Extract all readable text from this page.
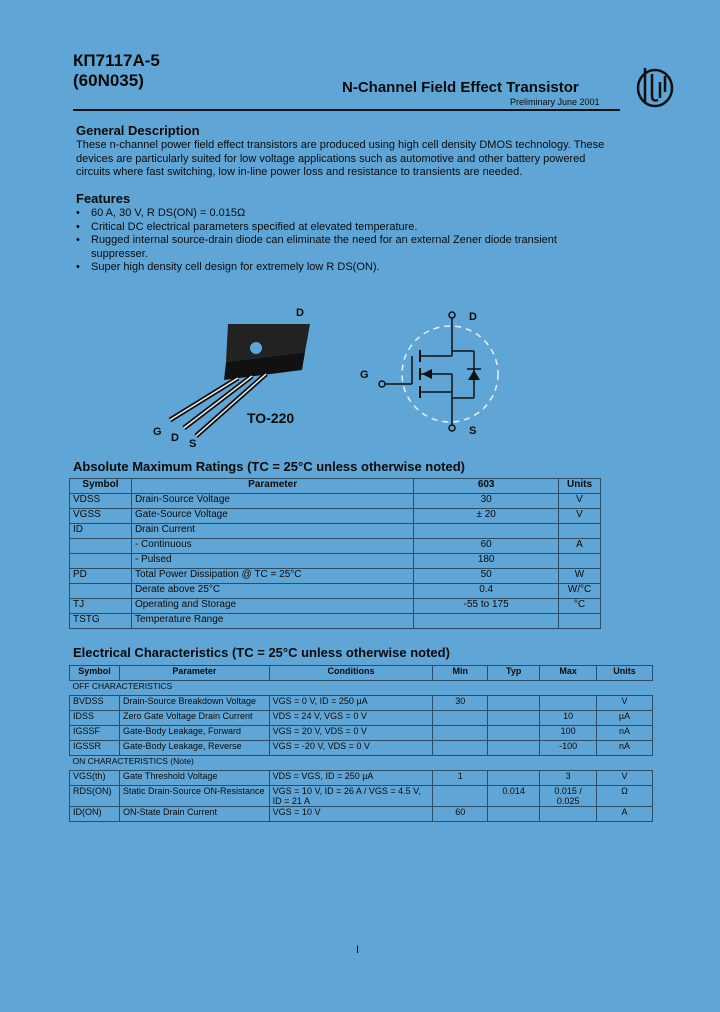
КП7117А-5
(60N035)	N-Channel Field Effect Transistor
Preliminary June 2001
General Description
These n-channel power field effect transistors are produced using high cell density DMOS technology. These devices are particularly suited for low voltage applications such as automotive and other battery powered circuits where fast switching, low in-line power loss and resistance to transients are needed.
Features
• 60 A, 30 V, R DS(ON) = 0.015Ω
• Critical DC electrical parameters specified at elevated temperature.
• Rugged internal source-drain diode can eliminate the need for an external Zener diode transient suppresser.
• Super high density cell design for extremely low R DS(ON).
D
TO-220
G D S
D
G
S
Absolute Maximum Ratings (TC = 25°C unless otherwise noted)
Symbol	Parameter	603	Units
VDSS	Drain-Source Voltage	30	V
VGSS	Gate-Source Voltage	± 20	V
ID	Drain Current		
	- Continuous	60	A
	- Pulsed	180	
PD	Total Power Dissipation @ TC = 25°C	50	W
	Derate above 25°C	0.4	W/°C
TJ	Operating and Storage	-55 to 175	°C
TSTG	Temperature Range		
Electrical Characteristics (TC = 25°C unless otherwise noted)
Symbol	Parameter	Conditions	Min	Typ	Max	Units
OFF CHARACTERISTICS						
BVDSS	Drain-Source Breakdown Voltage	VGS = 0 V, ID = 250 µA	30			V
IDSS	Zero Gate Voltage Drain Current	VDS = 24 V, VGS = 0 V			10	µA
IGSSF	Gate-Body Leakage, Forward	VGS = 20 V, VDS = 0 V			100	nA
IGSSR	Gate-Body Leakage, Reverse	VGS = -20 V, VDS = 0 V			-100	nA
ON CHARACTERISTICS (Note)						
VGS(th)	Gate Threshold Voltage	VDS = VGS, ID = 250 µA	1		3	V
RDS(ON)	Static Drain-Source ON-Resistance	VGS = 10 V, ID = 26 A / VGS = 4.5 V, ID = 21 A		0.014	0.015 / 0.025	Ω
ID(ON)	ON-State Drain Current	VGS = 10 V	60			A
I
